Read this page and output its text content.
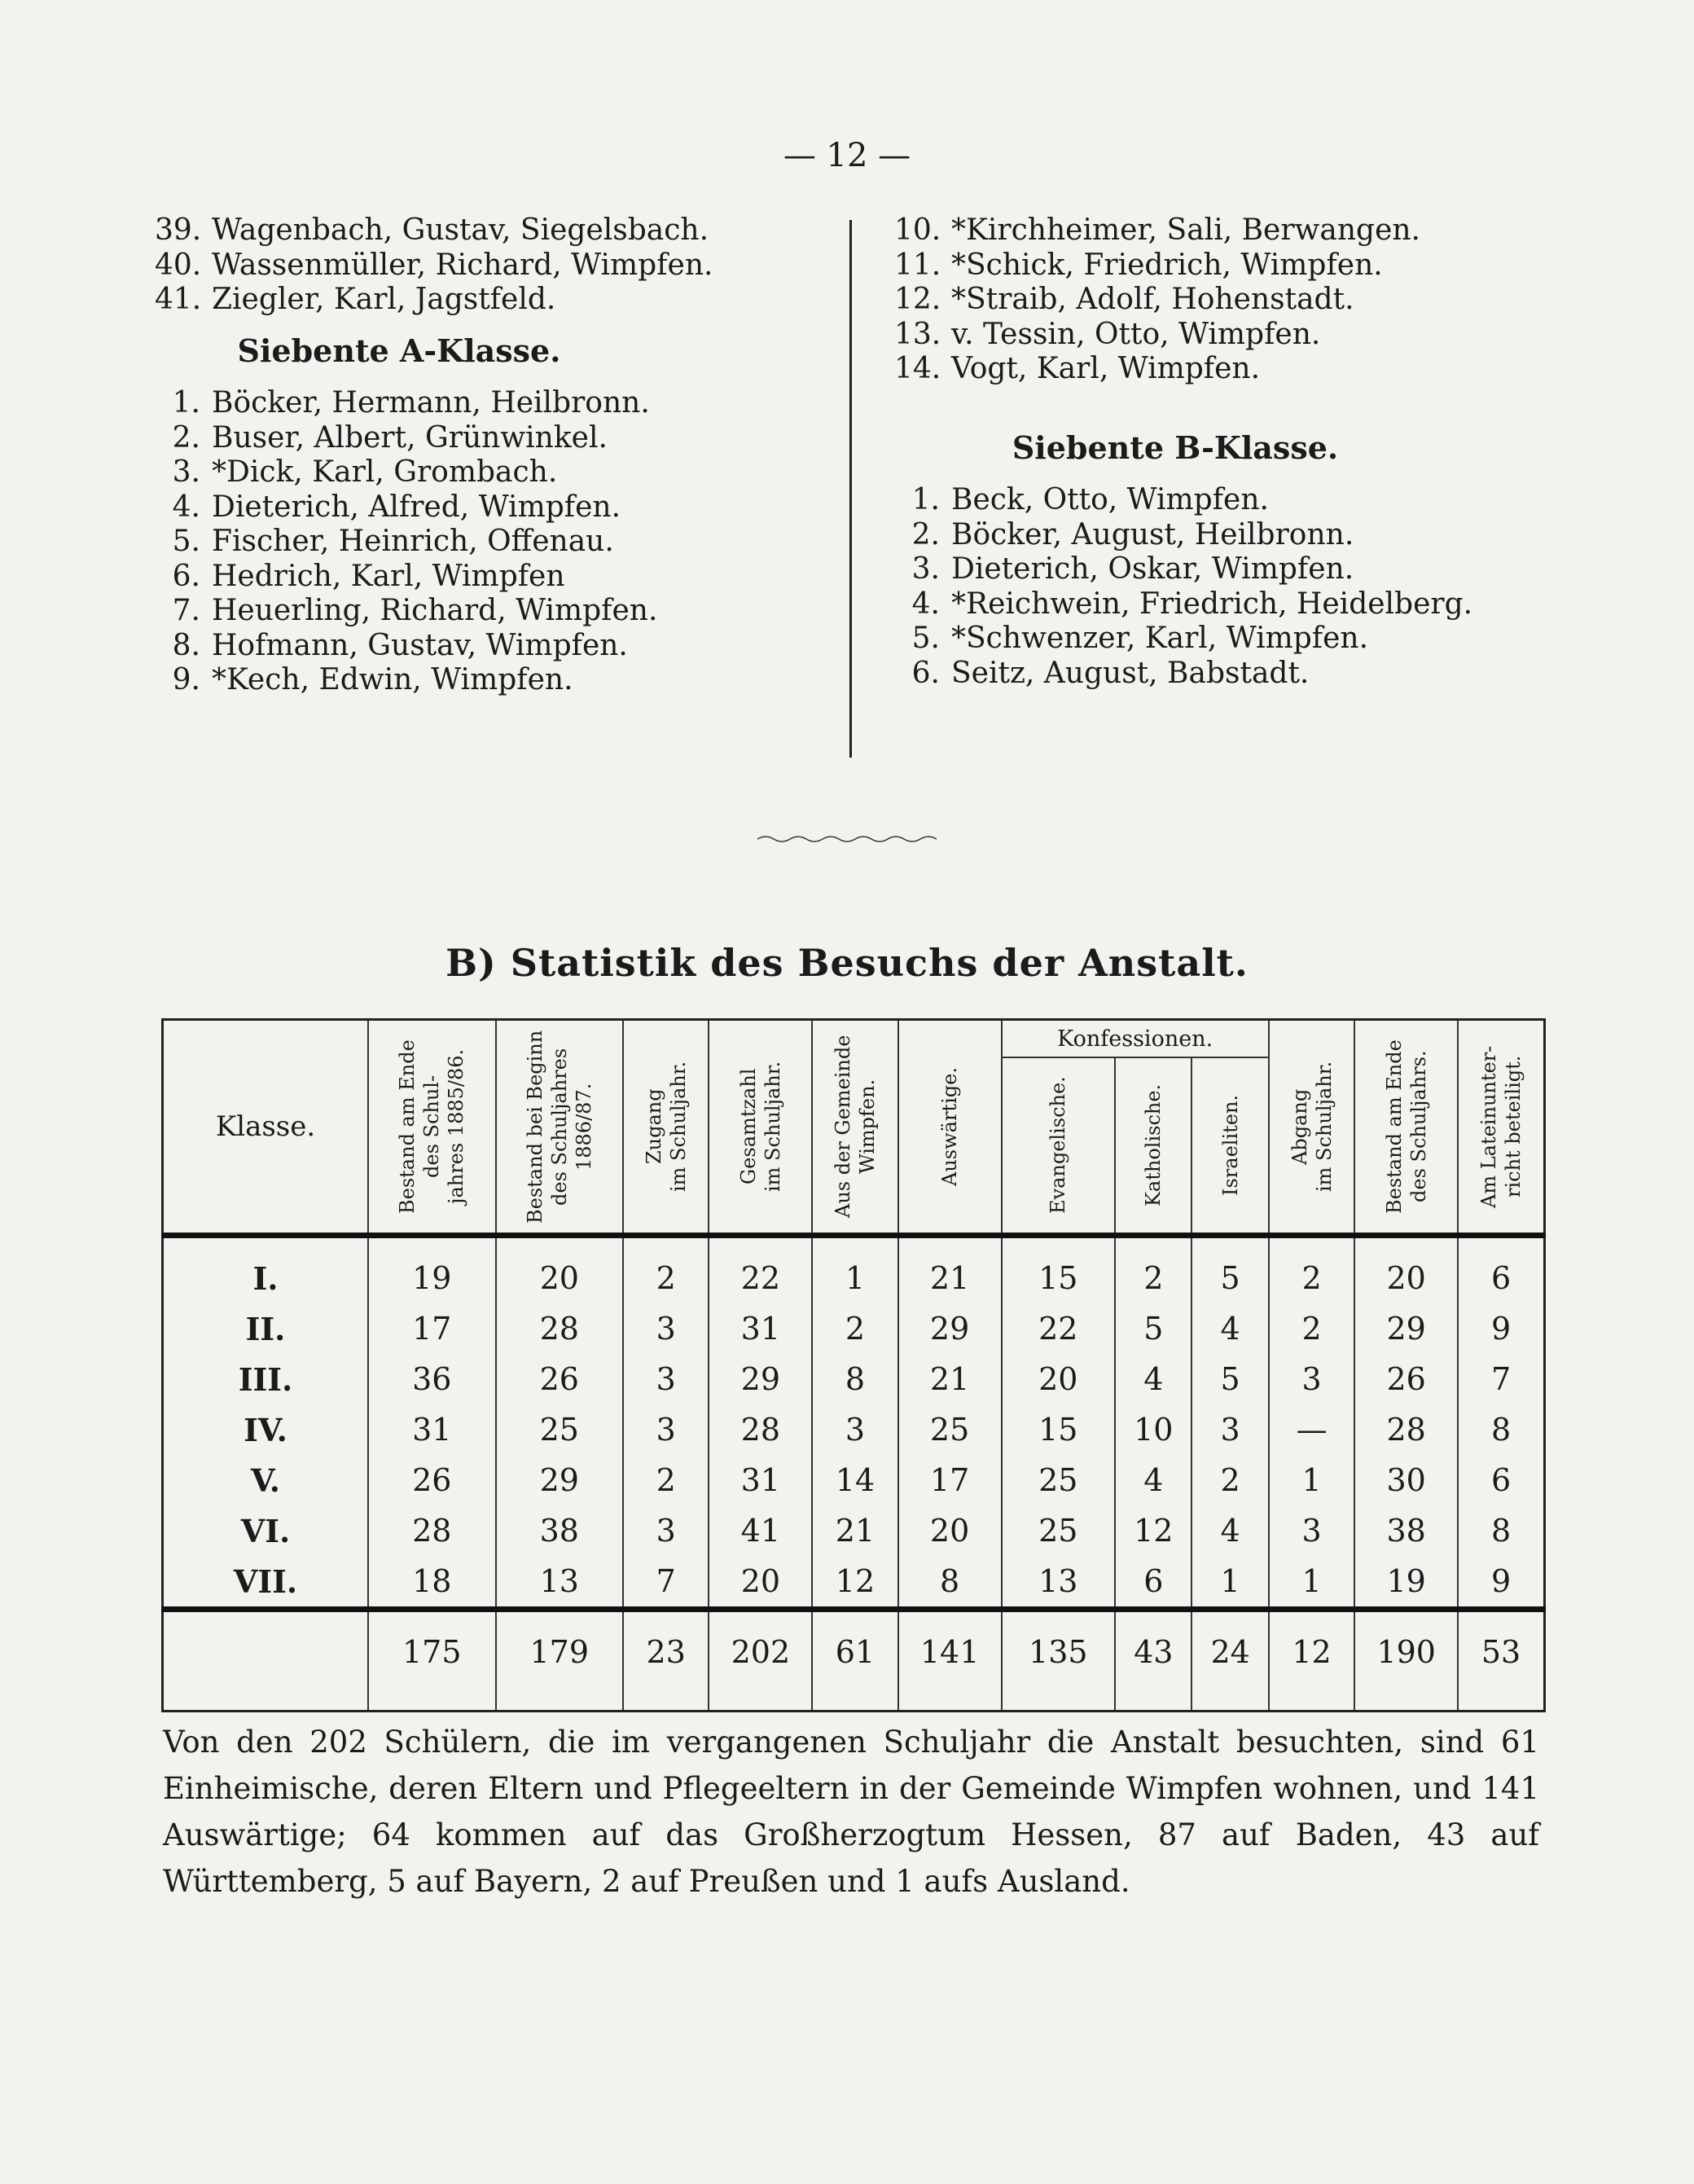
— 12 —
39. Wagenbach, Gustav, Siegelsbach.
40. Wassenmüller, Richard, Wimpfen.
41. Ziegler, Karl, Jagstfeld.
Siebente A-Klasse.
1. Böcker, Hermann, Heilbronn.
2. Buser, Albert, Grünwinkel.
3. *Dick, Karl, Grombach.
4. Dieterich, Alfred, Wimpfen.
5. Fischer, Heinrich, Offenau.
6. Hedrich, Karl, Wimpfen
7. Heuerling, Richard, Wimpfen.
8. Hofmann, Gustav, Wimpfen.
9. *Kech, Edwin, Wimpfen.
10. *Kirchheimer, Sali, Berwangen.
11. *Schick, Friedrich, Wimpfen.
12. *Straib, Adolf, Hohenstadt.
13. v. Tessin, Otto, Wimpfen.
14. Vogt, Karl, Wimpfen.
Siebente B-Klasse.
1. Beck, Otto, Wimpfen.
2. Böcker, August, Heilbronn.
3. Dieterich, Oskar, Wimpfen.
4. *Reichwein, Friedrich, Heidelberg.
5. *Schwenzer, Karl, Wimpfen.
6. Seitz, August, Babstadt.
B) Statistik des Besuchs der Anstalt.
Klasse.	Bestand am Ende
des Schul-
jahres 1885/86.	Bestand bei Beginn
des Schuljahres
1886/87.	Zugang
im Schuljahr.	Gesamtzahl
im Schuljahr.	Aus der Gemeinde
Wimpfen.	Auswärtige.	Konfessionen.			Abgang
im Schuljahr.	Bestand am Ende
des Schuljahrs.	Am Lateinunter-
richt beteiligt.

							Evangelische.	Katholische.	Israeliten.			

I.	19	20	2	22	1	21	15	2	5	2	20	6
II.	17	28	3	31	2	29	22	5	4	2	29	9
III.	36	26	3	29	8	21	20	4	5	3	26	7
IV.	31	25	3	28	3	25	15	10	3	—	28	8
V.	26	29	2	31	14	17	25	4	2	1	30	6
VI.	28	38	3	41	21	20	25	12	4	3	38	8
VII.	18	13	7	20	12	8	13	6	1	1	19	9
	175	179	23	202	61	141	135	43	24	12	190	53
Von den 202 Schülern, die im vergangenen Schuljahr die Anstalt besuchten, sind 61 Einheimische, deren Eltern und Pflegeeltern in der Gemeinde Wimpfen wohnen, und 141 Auswärtige; 64 kommen auf das Großherzogtum Hessen, 87 auf Baden, 43 auf Württemberg, 5 auf Bayern, 2 auf Preußen und 1 aufs Ausland.
